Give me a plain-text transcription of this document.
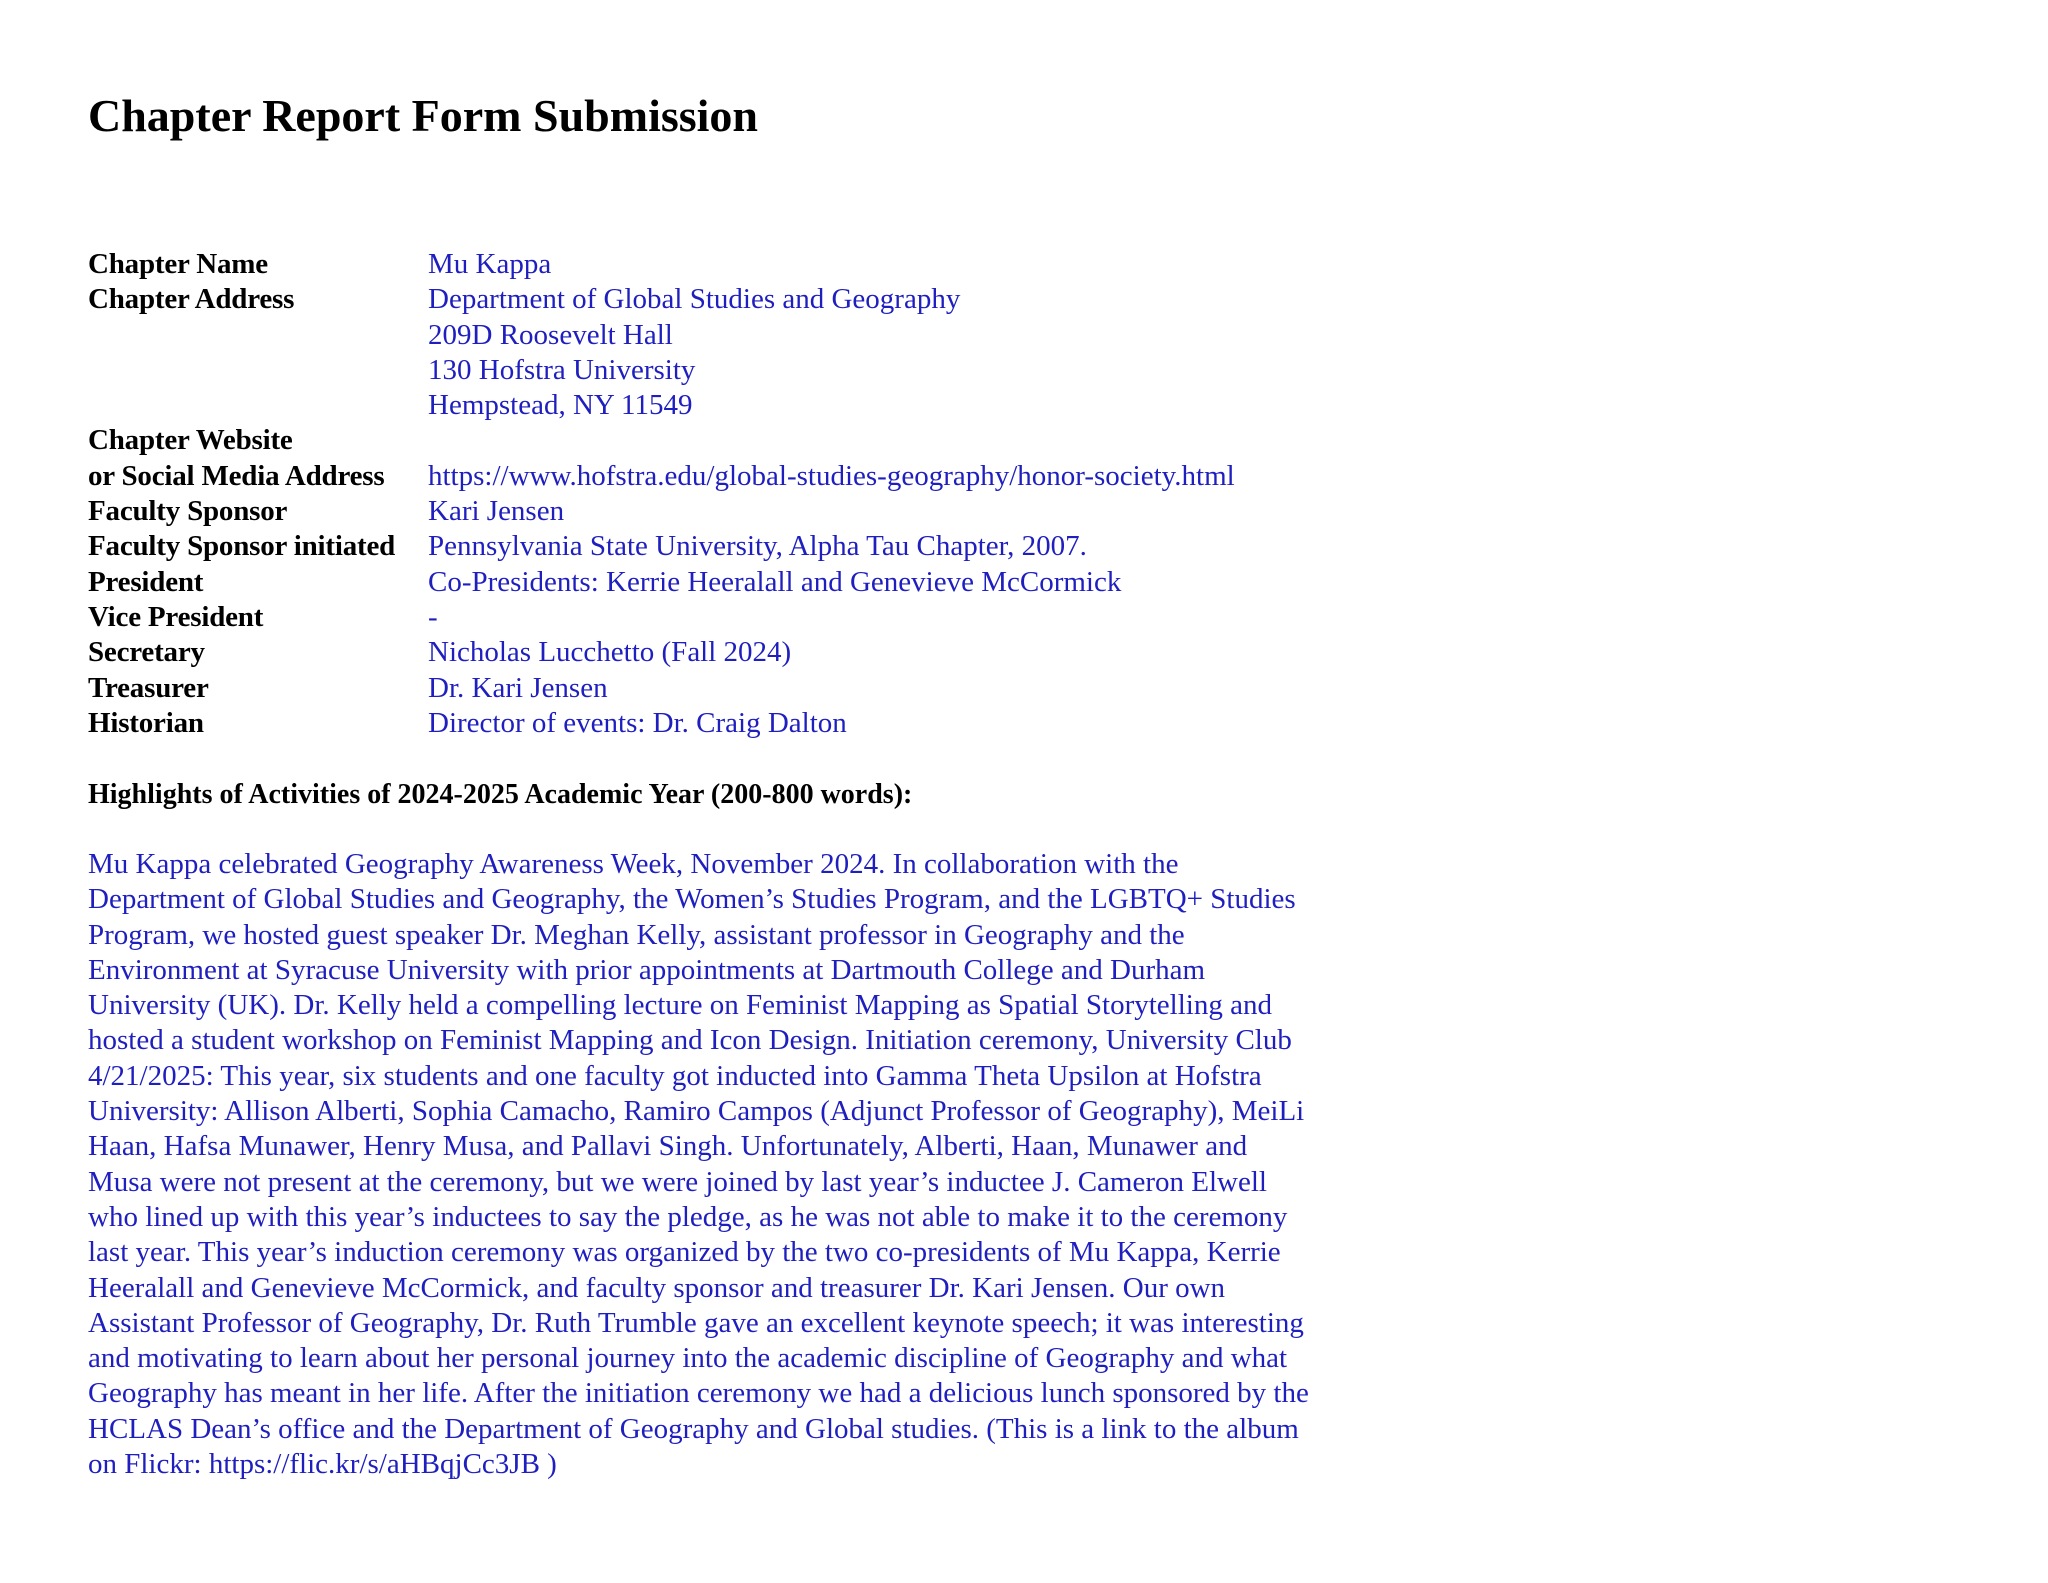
Chapter Report Form Submission
Chapter Name	Mu Kappa
Chapter Address	Department of Global Studies and Geography
209D Roosevelt Hall
130 Hofstra University
Hempstead, NY 11549
Chapter Website
or Social Media Address	https://www.hofstra.edu/global-studies-geography/honor-society.html
Faculty Sponsor	Kari Jensen
Faculty Sponsor initiated	Pennsylvania State University, Alpha Tau Chapter, 2007.
President	Co-Presidents: Kerrie Heeralall and Genevieve McCormick
Vice President	-
Secretary	Nicholas Lucchetto (Fall 2024)
Treasurer	Dr. Kari Jensen
Historian	Director of events: Dr. Craig Dalton
Highlights of Activities of 2024-2025 Academic Year (200-800 words):
Mu Kappa celebrated Geography Awareness Week, November 2024. In collaboration with the
Department of Global Studies and Geography, the Women’s Studies Program, and the LGBTQ+ Studies
Program, we hosted guest speaker Dr. Meghan Kelly, assistant professor in Geography and the
Environment at Syracuse University with prior appointments at Dartmouth College and Durham
University (UK). Dr. Kelly held a compelling lecture on Feminist Mapping as Spatial Storytelling and
hosted a student workshop on Feminist Mapping and Icon Design. Initiation ceremony, University Club
4/21/2025: This year, six students and one faculty got inducted into Gamma Theta Upsilon at Hofstra
University: Allison Alberti, Sophia Camacho, Ramiro Campos (Adjunct Professor of Geography), MeiLi
Haan, Hafsa Munawer, Henry Musa, and Pallavi Singh. Unfortunately, Alberti, Haan, Munawer and
Musa were not present at the ceremony, but we were joined by last year’s inductee J. Cameron Elwell
who lined up with this year’s inductees to say the pledge, as he was not able to make it to the ceremony
last year. This year’s induction ceremony was organized by the two co-presidents of Mu Kappa, Kerrie
Heeralall and Genevieve McCormick, and faculty sponsor and treasurer Dr. Kari Jensen. Our own
Assistant Professor of Geography, Dr. Ruth Trumble gave an excellent keynote speech; it was interesting
and motivating to learn about her personal journey into the academic discipline of Geography and what
Geography has meant in her life. After the initiation ceremony we had a delicious lunch sponsored by the
HCLAS Dean’s office and the Department of Geography and Global studies. (This is a link to the album
on Flickr: https://flic.kr/s/aHBqjCc3JB )
